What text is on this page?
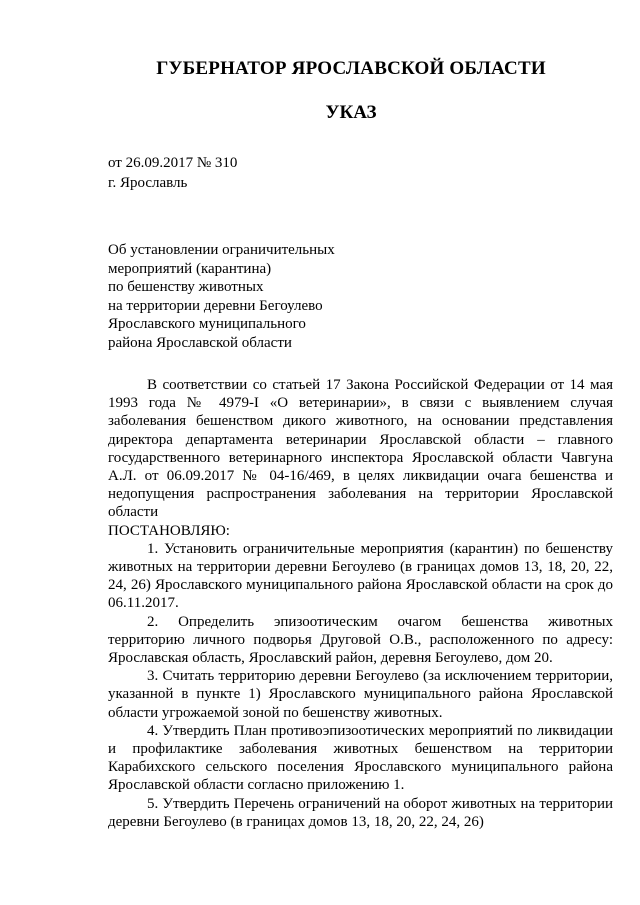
ГУБЕРНАТОР ЯРОСЛАВСКОЙ ОБЛАСТИ
УКАЗ
от 26.09.2017 № 310
г. Ярославль
Об установлении ограничительных
мероприятий (карантина)
по бешенству животных
на территории деревни Бегоулево
Ярославского муниципального
района Ярославской области

В соответствии со статьей 17 Закона Российской Федерации от 14 мая 1993 года № 4979-I «О ветеринарии», в связи с выявлением случая заболевания бешенством дикого животного, на основании представления директора департамента ветеринарии Ярославской области – главного государственного ветеринарного инспектора Ярославской области Чавгуна А.Л. от 06.09.2017 № 04-16/469, в целях ликвидации очага бешенства и недопущения распространения заболевания на территории Ярославской области

ПОСТАНОВЛЯЮ:

1. Установить ограничительные мероприятия (карантин) по бешенству животных на территории деревни Бегоулево (в границах домов 13, 18, 20, 22, 24, 26) Ярославского муниципального района Ярославской области на срок до 06.11.2017.

2. Определить эпизоотическим очагом бешенства животных территорию личного подворья Друговой О.В., расположенного по адресу: Ярославская область, Ярославский район, деревня Бегоулево, дом 20.

3. Считать территорию деревни Бегоулево (за исключением территории, указанной в пункте 1) Ярославского муниципального района Ярославской области угрожаемой зоной по бешенству животных.

4. Утвердить План противоэпизоотических мероприятий по ликвидации и профилактике заболевания животных бешенством на территории Карабихского сельского поселения Ярославского муниципального района Ярославской области согласно приложению 1.

5. Утвердить Перечень ограничений на оборот животных на территории деревни Бегоулево (в границах домов 13, 18, 20, 22, 24, 26)
